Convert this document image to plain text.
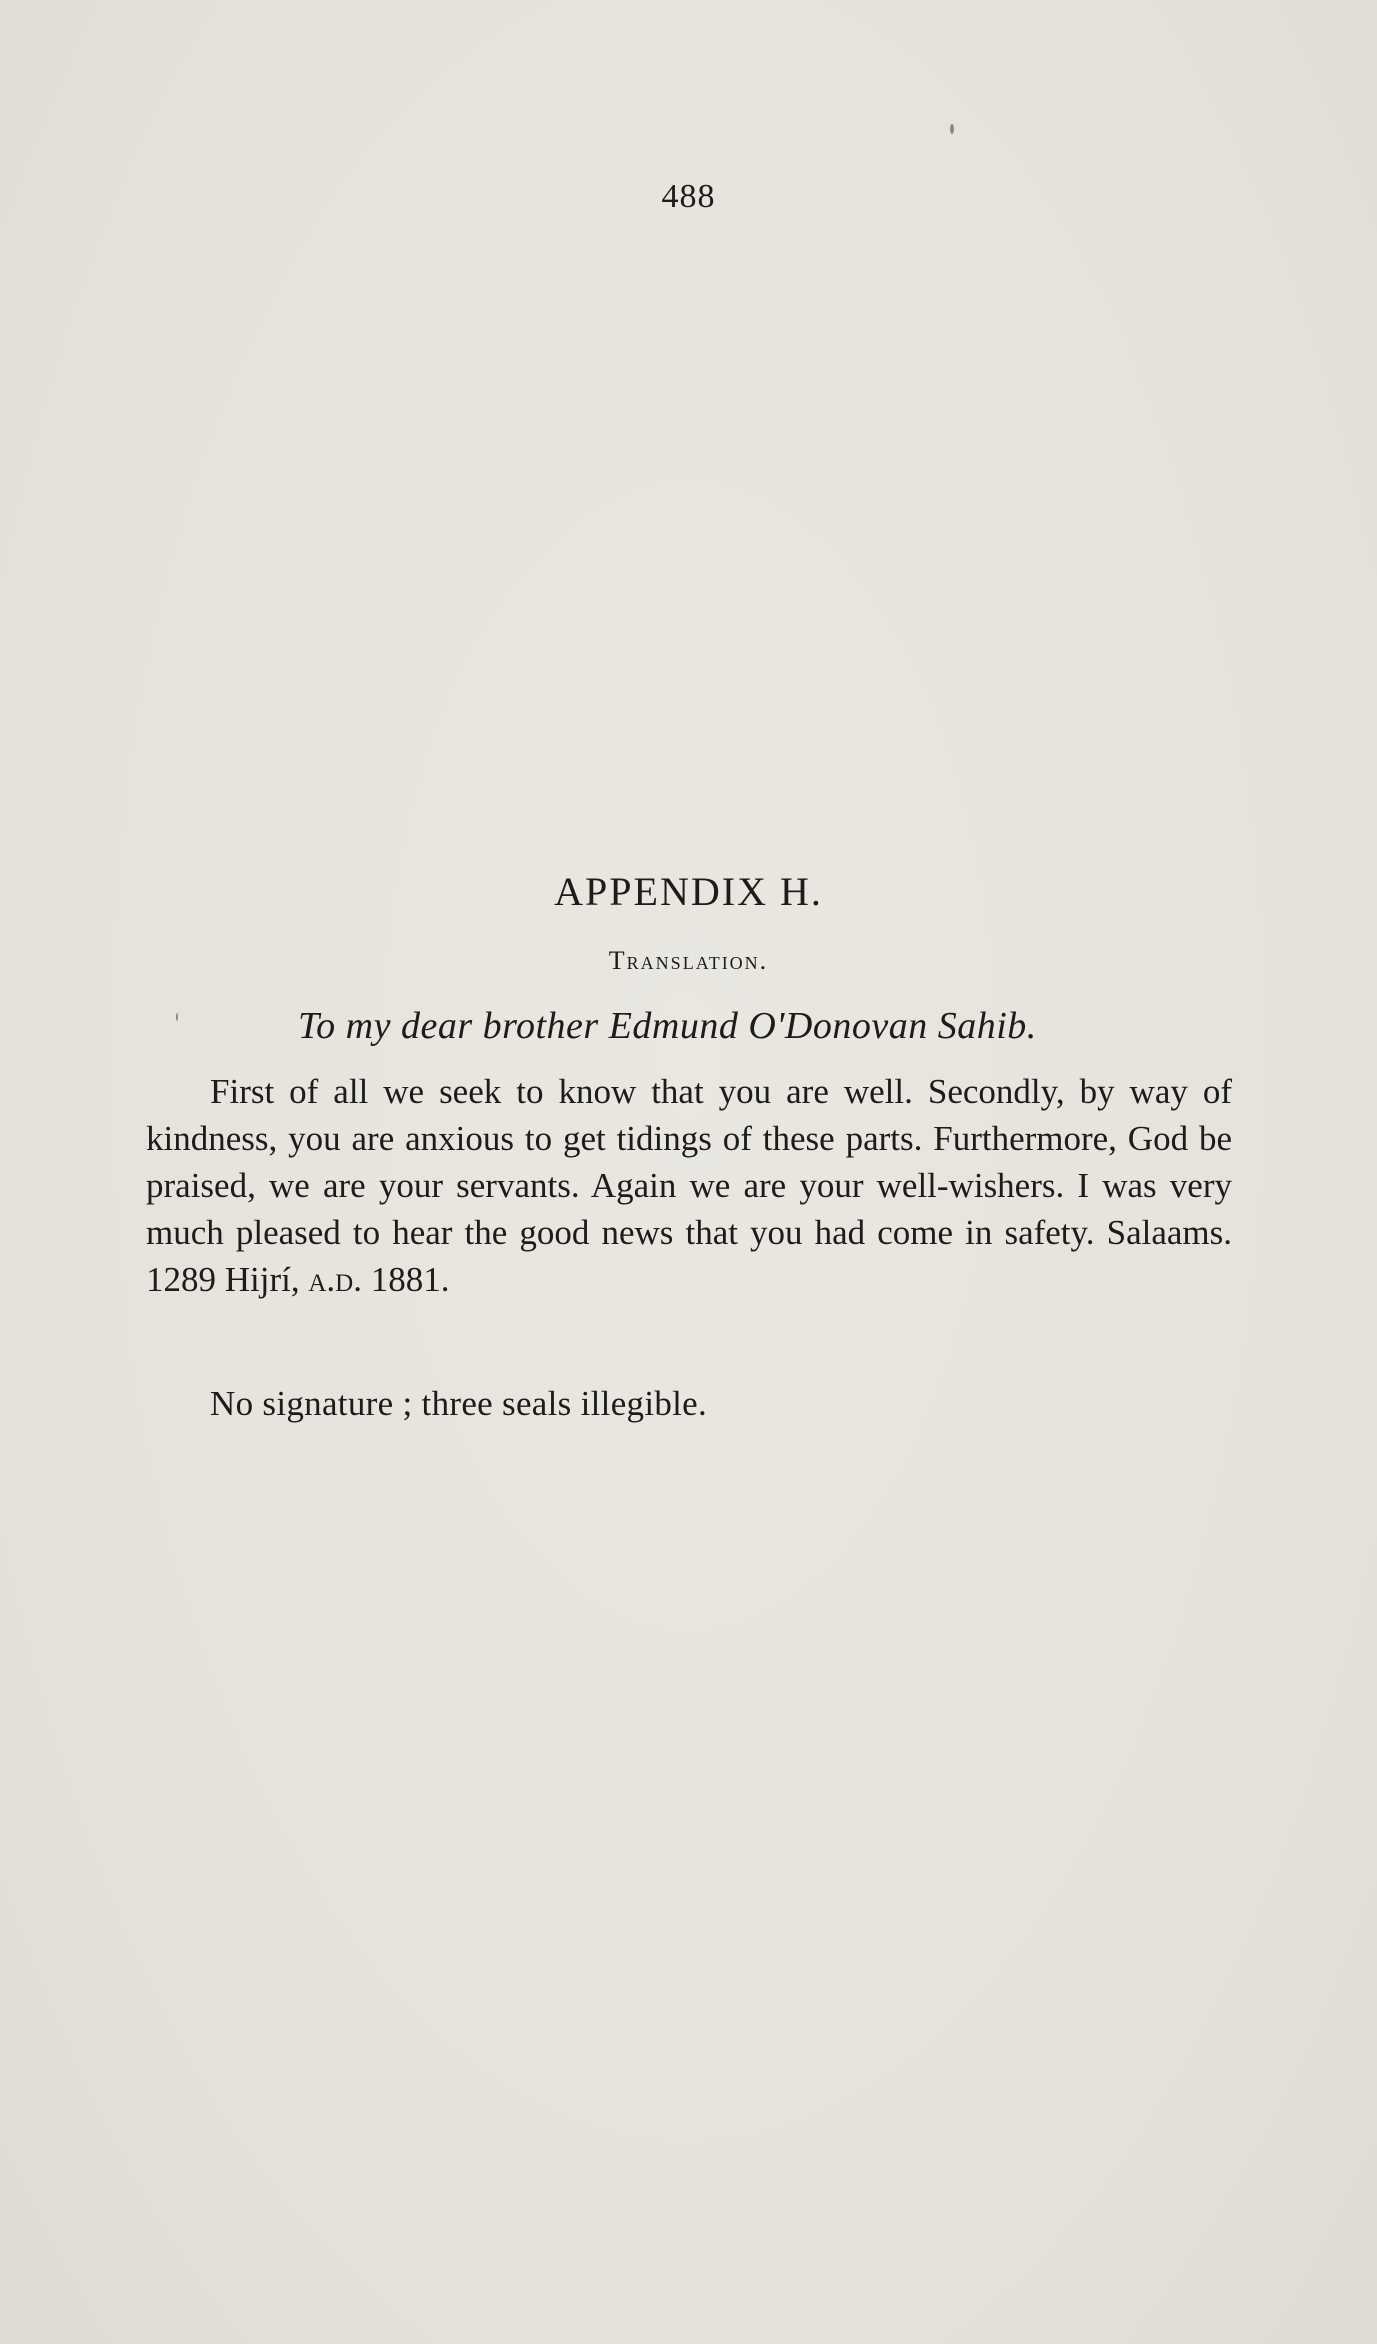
488
APPENDIX H.
Translation.
To my dear brother Edmund O'Donovan Sahib.

First of all we seek to know that you are well. Secondly, by way of kindness, you are anxious to get tidings of these parts. Furthermore, God be praised, we are your servants. Again we are your well-wishers. I was very much pleased to hear the good news that you had come in safety. Salaams. 1289 Hijrí, a.d. 1881.

No signature ; three seals illegible.
